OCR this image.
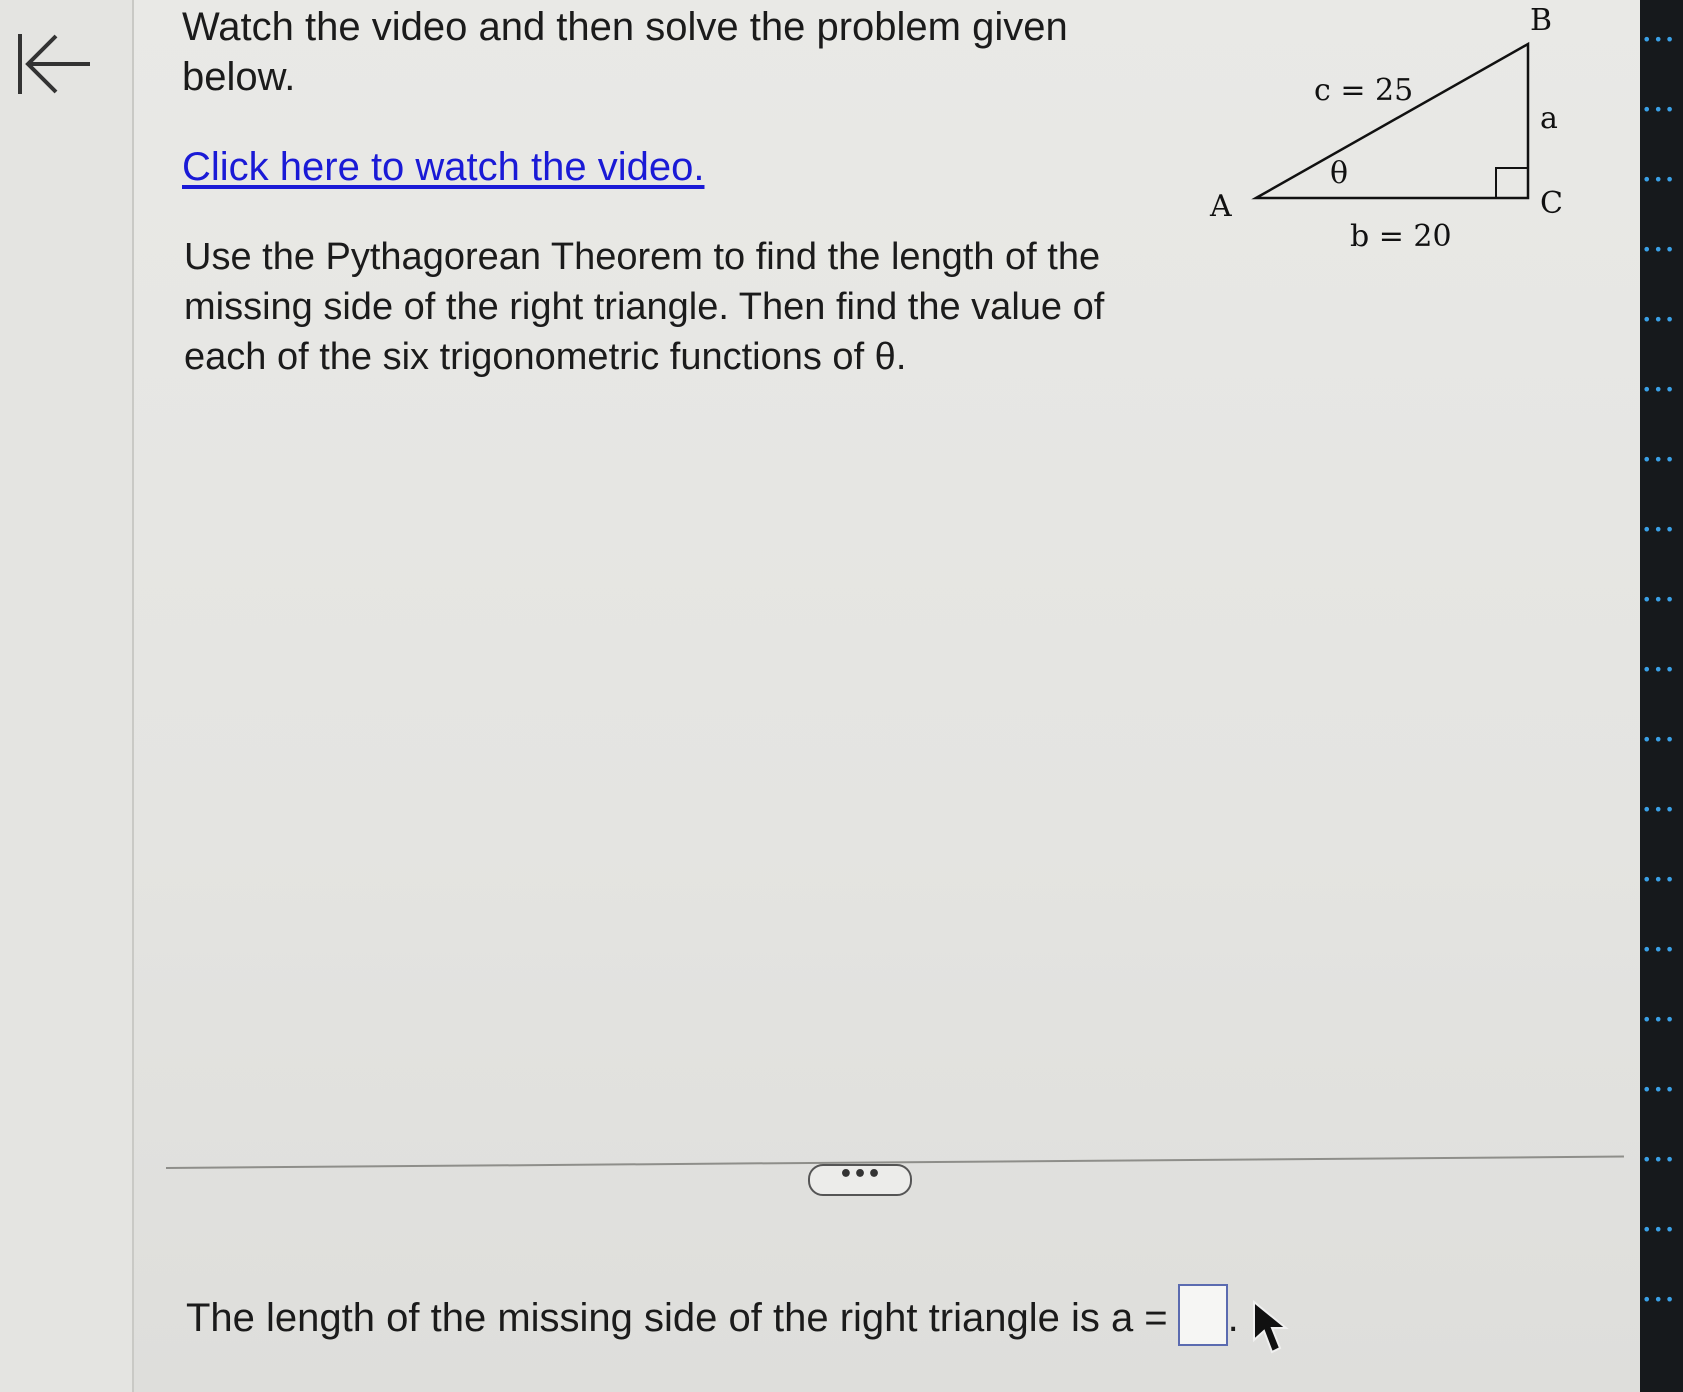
•••
•••
•••
•••
•••
•••
•••
•••
•••
•••
•••
•••
•••
•••
•••
•••
•••
•••
•••
Watch the video and then solve the problem given below.
Click here to watch the video.
Use the Pythagorean Theorem to find the length of the missing side of the right triangle. Then find the value of each of the six trigonometric functions of θ.
B
A	C
c = 25
a
b = 20
θ
•••
The length of the missing side of the right triangle is a = .
